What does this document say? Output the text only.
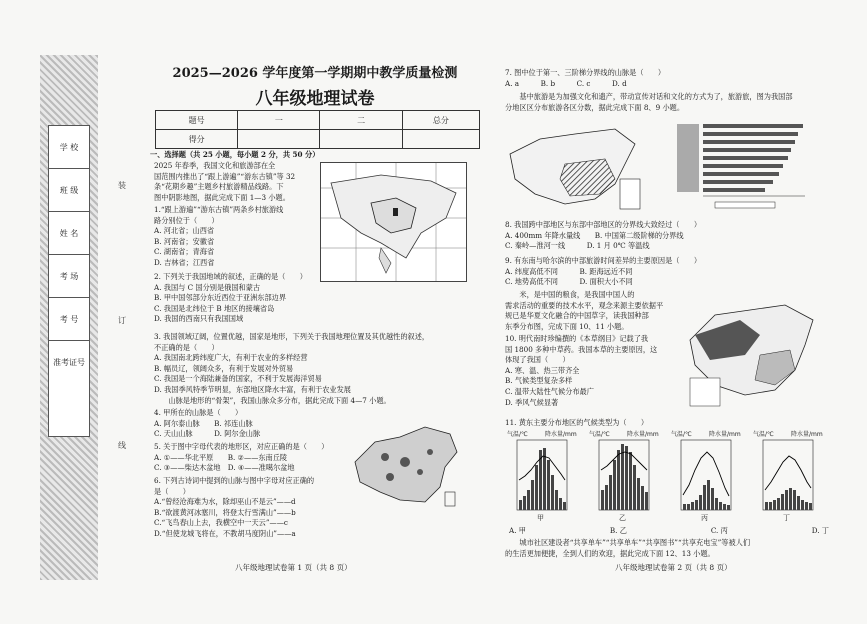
学 校
班 级
姓 名
考 场
考 号
准考证号
装
订
线
2025—2026 学年度第一学期期中教学质量检测
八年级地理试卷
题号	一	二	总分
得分			
一、选择题（共 25 小题，每小题 2 分，共 50 分）
2025 年春季，我国文化和旅游部在全
国范围内推出了“跟上游遍”“游东古镇”等 32
条“花期乡趣”主题乡村旅游精品线路。下
图中阴影地图，据此完成下面 1—3 小题。
1.“跟上游遍”“游东古镇”两条乡村旅游线
路分别位于（　　）
A. 河北省；山西省
B. 河南省；安徽省
C. 湖南省；青海省
D. 吉林省；江西省
2. 下列关于我国地域的叙述，正确的是（　　）
A. 我国与 C 国分别是俄国和蒙古
B. 甲中国邻部分东近西位于亚洲东部边界
C. 我国是北纬位于 B 地区的接壤省岛
D. 我国的西南只有我国国域
3. 我国领域辽阔，位置优越，国家是地形，下列关于我国地理位置及其优越性的叙述，
不正确的是（　　）
A. 我国南北跨纬度广大，有利于农业的多样经营
B. 幅员辽，领阔众多，有利于发展对外贸易
C. 我国是一个海陆兼备的国家，不利于发展海洋贸易
D. 我国季风特季节明显，东部地区降水丰富，有利于农业发展
　　山脉是地形的“骨架”，我国山脉众多分布，据此完成下面 4—7 小题。
4. 甲所在的山脉是（　　）
A. 阿尔泰山脉　　B. 祁连山脉
C. 天山山脉　　　D. 阿尔金山脉
5. 关于图中字母代表的地形区，对应正确的是（　　）
A. ①——华北平原　　B. ②——东南丘陵
C. ③——柴达木盆地　D. ④——准噶尔盆地
6. 下列古诗词中提到的山脉与图中字母对应正确的
是（　　）
A.“曾经沧海难为水，除却巫山不是云”——d
B.“欲渡黄河冰塞川，将登太行雪满山”——b
C.“飞鸟春山上去，我横空中一天云”——c
D.“但使龙城飞将在，不教胡马度阴山”——a
八年级地理试卷第 1 页（共 8 页）
7. 图中位于第一、三阶梯分界线的山脉是（　　）
A. a　　　B. b　　　C. c　　　D. d
　　基中旅游是为加强文化和遗产，带动宣传对话和文化的方式为了，旅游旅，图为我国部
分地区区分布旅游各区分数，据此完成下面 8、9 小题。
8. 我国跨中部地区与东部中部地区的分界线大致经过（　　）
A. 400mm 年降水量线　　B. 中国第二级阶梯的分界线
C. 秦岭—淮河一线　　　D. 1 月 0℃ 等温线
9. 有东南与哈尔滨的中部旅游时间差异的主要原因是（　　）
A. 纬度高低不同　　　B. 距海远近不同
C. 地势高低不同　　　D. 面积大小不同
　　米，是中国的粮食，是我国中国人的
需求活动的重要的技术水平，观念来源主要依据平
规已是华夏文化融合的中国草字，读我国种部
东季分布图，完成下面 10、11 小题。
10. 明代南时珍编撰的《本草纲目》记载了我
国 1800 多种中草药。我国本草的主要原因，这
体现了我国（　　）
A. 寒、温、热三带齐全
B. 气候类型复杂多样
C. 温带大陆性气候分布最广
D. 季风气候显著
11. 黄东主要分布地区的气候类型为（　　）
气温/℃	降水量/mm 气温/℃	降水量/mm 气温/℃	降水量/mm 气温/℃	降水量/mm
甲	乙	丙	丁
A. 甲	B. 乙	C. 丙	D. 丁
　　城市社区建设者“共享单车”“共享单车”“共享图书”“共享充电宝”等被人们
的生活更加便捷，全到人们的欢迎，据此完成下面 12、13 小题。
八年级地理试卷第 2 页（共 8 页）
